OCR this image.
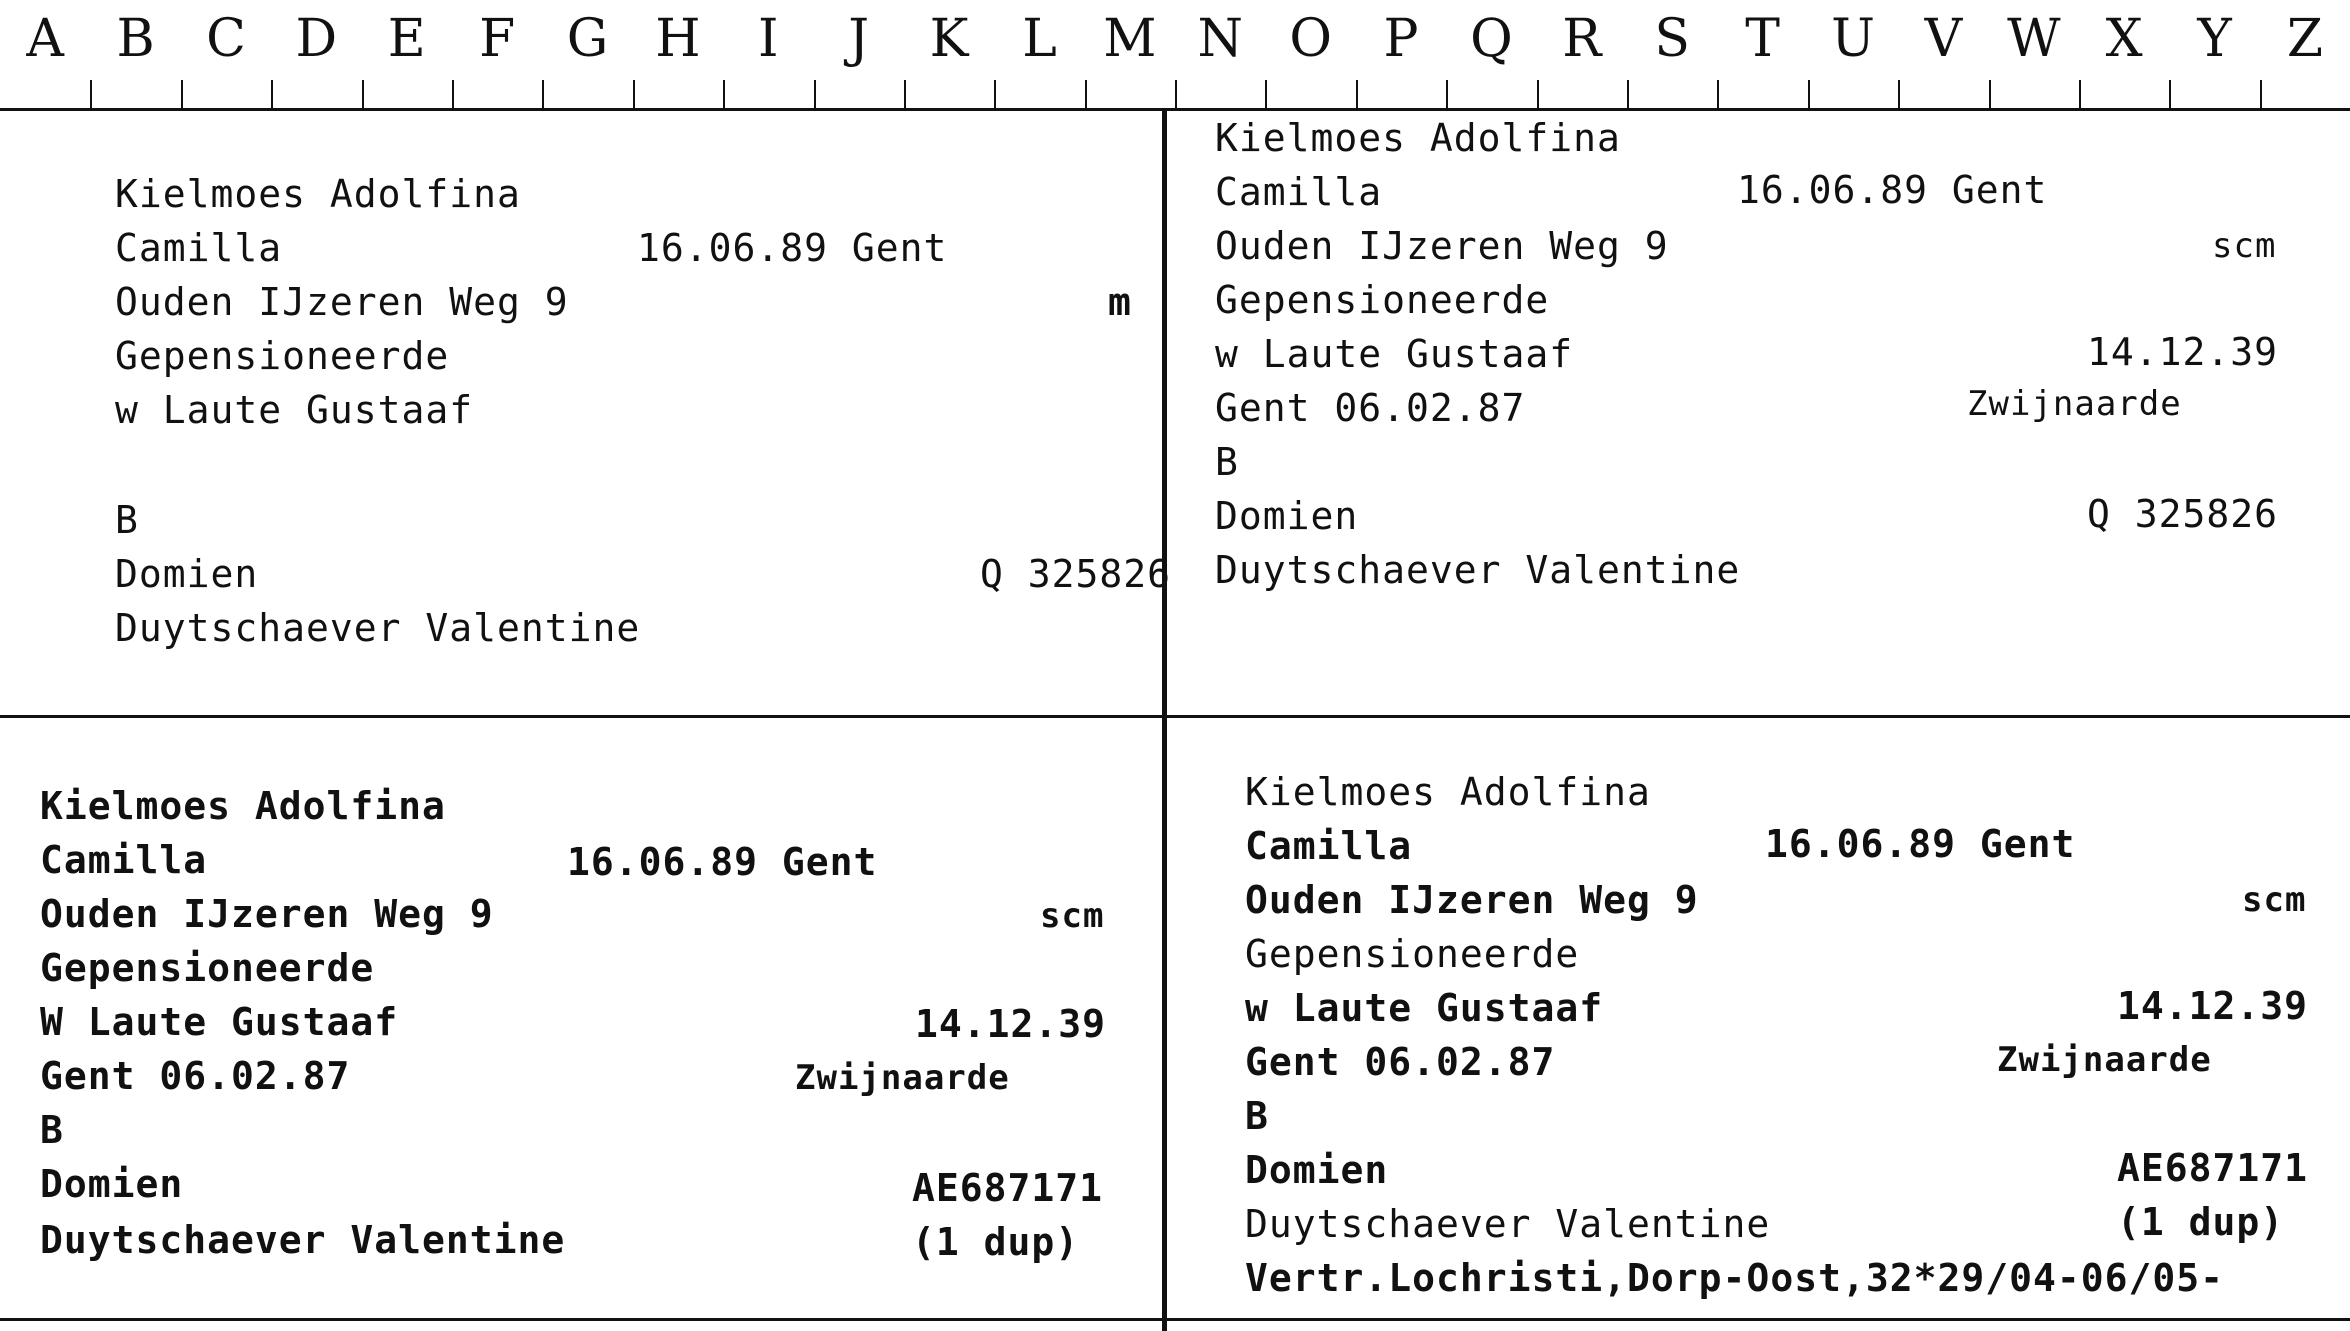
A	B C D E	F G H	I	J	K	L M N O P Q R	S	T U V W X	Y	Z
Kielmoes Adolfina
Camilla	16.06.89 Gent
Ouden IJzeren Weg 9	m
Gepensioneerde
w Laute Gustaaf
B
Domien	Q 325826
Duytschaever Valentine
Kielmoes Adolfina
Camilla	16.06.89 Gent
Ouden IJzeren Weg 9	scm
Gepensioneerde
w Laute Gustaaf	14.12.39
Gent 06.02.87	Zwijnaarde
B
Domien	Q 325826
Duytschaever Valentine
Kielmoes Adolfina
Camilla	16.06.89 Gent
Ouden IJzeren Weg 9	scm
Gepensioneerde
W Laute Gustaaf	14.12.39
Gent 06.02.87	Zwijnaarde
B
Domien	AE687171
Duytschaever Valentine	(1 dup)
Kielmoes Adolfina
Camilla	16.06.89 Gent
Ouden IJzeren Weg 9	scm
Gepensioneerde
w Laute Gustaaf	14.12.39
Gent 06.02.87	Zwijnaarde
B
Domien	AE687171
Duytschaever Valentine	(1 dup)
Vertr.Lochristi,Dorp-Oost,32*29/04-06/05-
